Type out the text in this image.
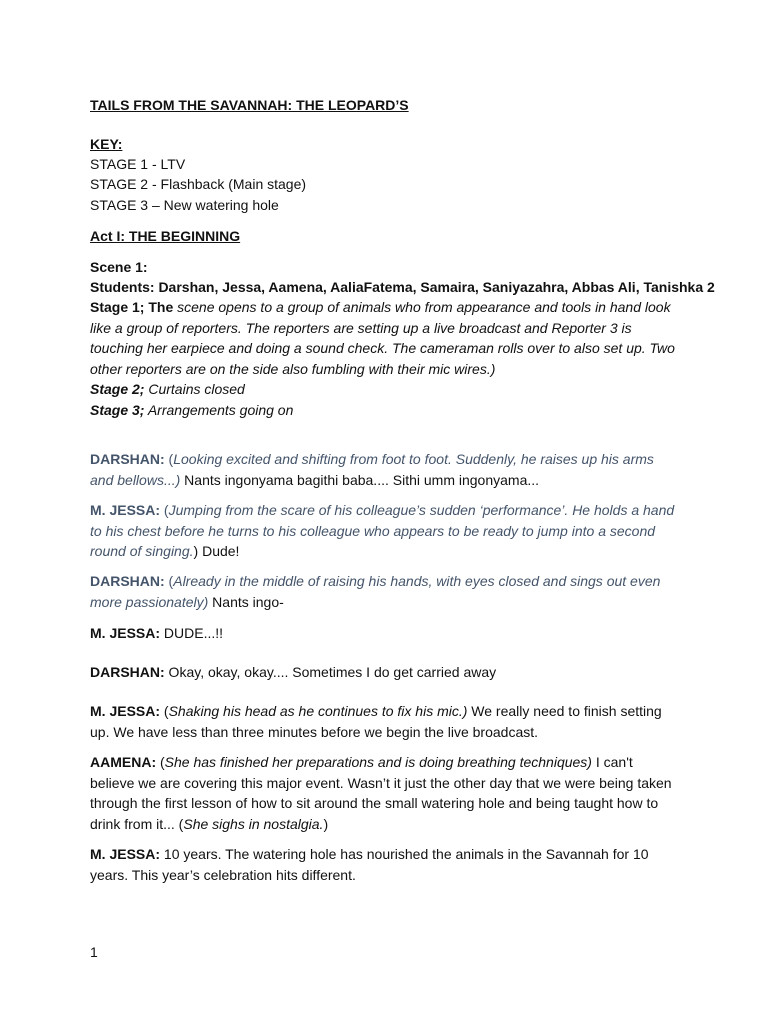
TAILS FROM THE SAVANNAH: THE LEOPARD’S
KEY:
STAGE 1 - LTV
STAGE 2 - Flashback (Main stage)
STAGE 3 – New watering hole
Act I: THE BEGINNING
Scene 1:
Students: Darshan, Jessa, Aamena, AaliaFatema, Samaira, Saniyazahra, Abbas Ali, Tanishka 2
Stage 1; The scene opens to a group of animals who from appearance and tools in hand look like a group of reporters. The reporters are setting up a live broadcast and Reporter 3 is touching her earpiece and doing a sound check. The cameraman rolls over to also set up. Two other reporters are on the side also fumbling with their mic wires.)
Stage 2; Curtains closed
Stage 3; Arrangements going on
DARSHAN: (Looking excited and shifting from foot to foot. Suddenly, he raises up his arms and bellows...) Nants ingonyama bagithi baba.... Sithi umm ingonyama...
M. JESSA: (Jumping from the scare of his colleague’s sudden ‘performance’. He holds a hand to his chest before he turns to his colleague who appears to be ready to jump into a second round of singing.) Dude!
DARSHAN: (Already in the middle of raising his hands, with eyes closed and sings out even more passionately) Nants ingo-
M. JESSA: DUDE...!!
DARSHAN: Okay, okay, okay.... Sometimes I do get carried away
M. JESSA: (Shaking his head as he continues to fix his mic.) We really need to finish setting up. We have less than three minutes before we begin the live broadcast.
AAMENA: (She has finished her preparations and is doing breathing techniques) I can't believe we are covering this major event. Wasn’t it just the other day that we were being taken through the first lesson of how to sit around the small watering hole and being taught how to drink from it... (She sighs in nostalgia.)
M. JESSA: 10 years. The watering hole has nourished the animals in the Savannah for 10 years. This year’s celebration hits different.
1
